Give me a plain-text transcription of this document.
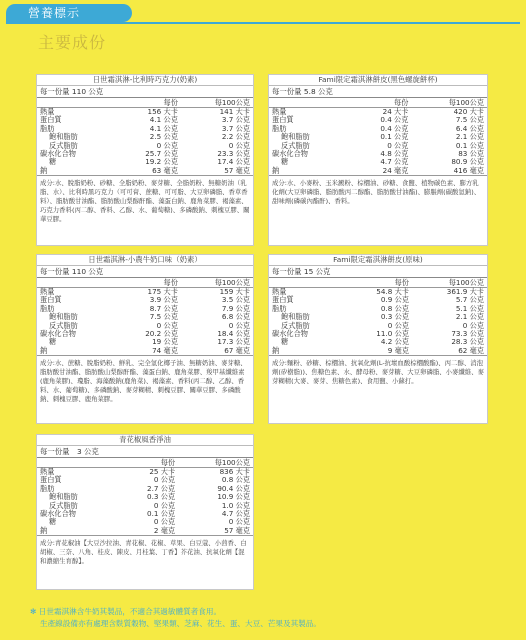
營養標示
主要成份
日世霜淇淋-比利時巧克力(奶素)
每一份量 110 公克
	每份	每100公克
熱量	156 大卡	141 大卡
蛋白質	4.1 公克	3.7 公克
脂肪	4.1 公克	3.7 公克
飽和脂肪	2.5 公克	2.2 公克
反式脂肪	0 公克	0 公克
碳水化合物	25.7 公克	23.3 公克
糖	19.2 公克	17.4 公克
鈉	63 毫克	57 毫克
成分:水、脫脂奶粉、砂糖、全脂奶粉、麥芽糖、全脂奶粉、無糖奶油（乳脂、水）、比利時黑巧克力（可可膏、蔗糖、可可脂、大豆卵磷脂、香草香料）、脂肪酸甘油酯、脂肪酸山梨醇酐酯、藻蛋白鈉、鹿角菜膠、褐藻素、巧克力香料(丙二醇、香料、乙醇、水、葡萄糖)、多磷酸鈉、刺槐豆膠、關華豆膠。
Fami限定霜淇淋餅皮(黑色螺旋餅杯)
每一份量 5.8 公克
	每份	每100公克
熱量	24 大卡	420 大卡
蛋白質	0.4 公克	7.5 公克
脂肪	0.4 公克	6.4 公克
飽和脂肪	0.1 公克	2.1 公克
反式脂肪	0 公克	0.1 公克
碳水化合物	4.8 公克	83 公克
糖	4.7 公克	80.9 公克
鈉	24 毫克	416 毫克
成分:水、小麥粉、玉米澱粉、棕櫚油、砂糖、食鹽、植物碳色素、膨方乳化劑(大豆卵磷脂、脂肪酸丙二醇酯、脂肪酸甘油酯)、膨脹劑(碳酸氫鈉)、甜味劑(磷碳內酯酐)、香料。
日世霜淇淋-小農牛奶口味（奶素）
每一份量 110 公克
	每份	每100公克
熱量	175 大卡	159 大卡
蛋白質	3.9 公克	3.5 公克
脂肪	8.7 公克	7.9 公克
飽和脂肪	7.5 公克	6.8 公克
反式脂肪	0 公克	0 公克
碳水化合物	20.2 公克	18.4 公克
糖	19 公克	17.3 公克
鈉	74 毫克	67 毫克
成分:水、蔗糖、脫脂奶粉、鮮乳、完全氫化椰子油、無糖奶油、麥芽糖、脂肪酸甘油酯、脂肪酸山梨醇酐酯、藻蛋白鈉、鹿角菜膠、羧甲基纖維素(鹿角菜膠)、瓊脂、海藻酸鈉(鹿角菜)、褐藻素、香料(丙二醇、乙醇、香料、水、葡萄糖)、多磷酸鈉、麥芽糊精、刺槐豆膠、關華豆膠、多磷酸鈉、刺槐豆膠、鹿角菜膠。
Fami限定霜淇淋餅皮(原味)
每一份量 15 公克
	每份	每100公克
熱量	54.8 大卡	361.9 大卡
蛋白質	0.9 公克	5.7 公克
脂肪	0.8 公克	5.1 公克
飽和脂肪	0.3 公克	2.1 公克
反式脂肪	0 公克	0 公克
碳水化合物	11.0 公克	73.3 公克
糖	4.2 公克	28.3 公克
鈉	9 毫克	62 毫克
成分:麵粉、砂糖、棕櫚油、抗氧化劑(L-抗壞血酸棕櫚酸酯)、丙二醇、消泡劑(矽樹脂))、焦糖色素、水、酵母粉、麥芽糖、大豆卵磷脂、小麥纖維、麥芽糊精(大麥、麥芽、焦糖色素)、食用鹽、小蘇打。
青花椒風香淨油
每一份量　3 公克
	每份	每100公克
熱量	25 大卡	836 大卡
蛋白質	0 公克	0.8 公克
脂肪	2.7 公克	90.4 公克
飽和脂肪	0.3 公克	10.9 公克
反式脂肪	0 公克	1.0 公克
碳水化合物	0.1 公克	4.7 公克
糖	0 公克	0 公克
鈉	2 毫克	57 毫克
成分:青花椒油【大豆沙拉油、青花椒、花椒、草果、白豆蔻、小茴香、白胡椒、三奈、八角、桂皮、陳皮、月桂葉、丁香】芥花油、抗氧化劑【混和濃縮生育醇】。
✻ 日世霜淇淋含牛奶其製品，不適合其過敏體質者食用。
生產線設備亦有處理含麩質穀物、堅果類、芝麻、花生、蛋、大豆、芒果及其製品。
